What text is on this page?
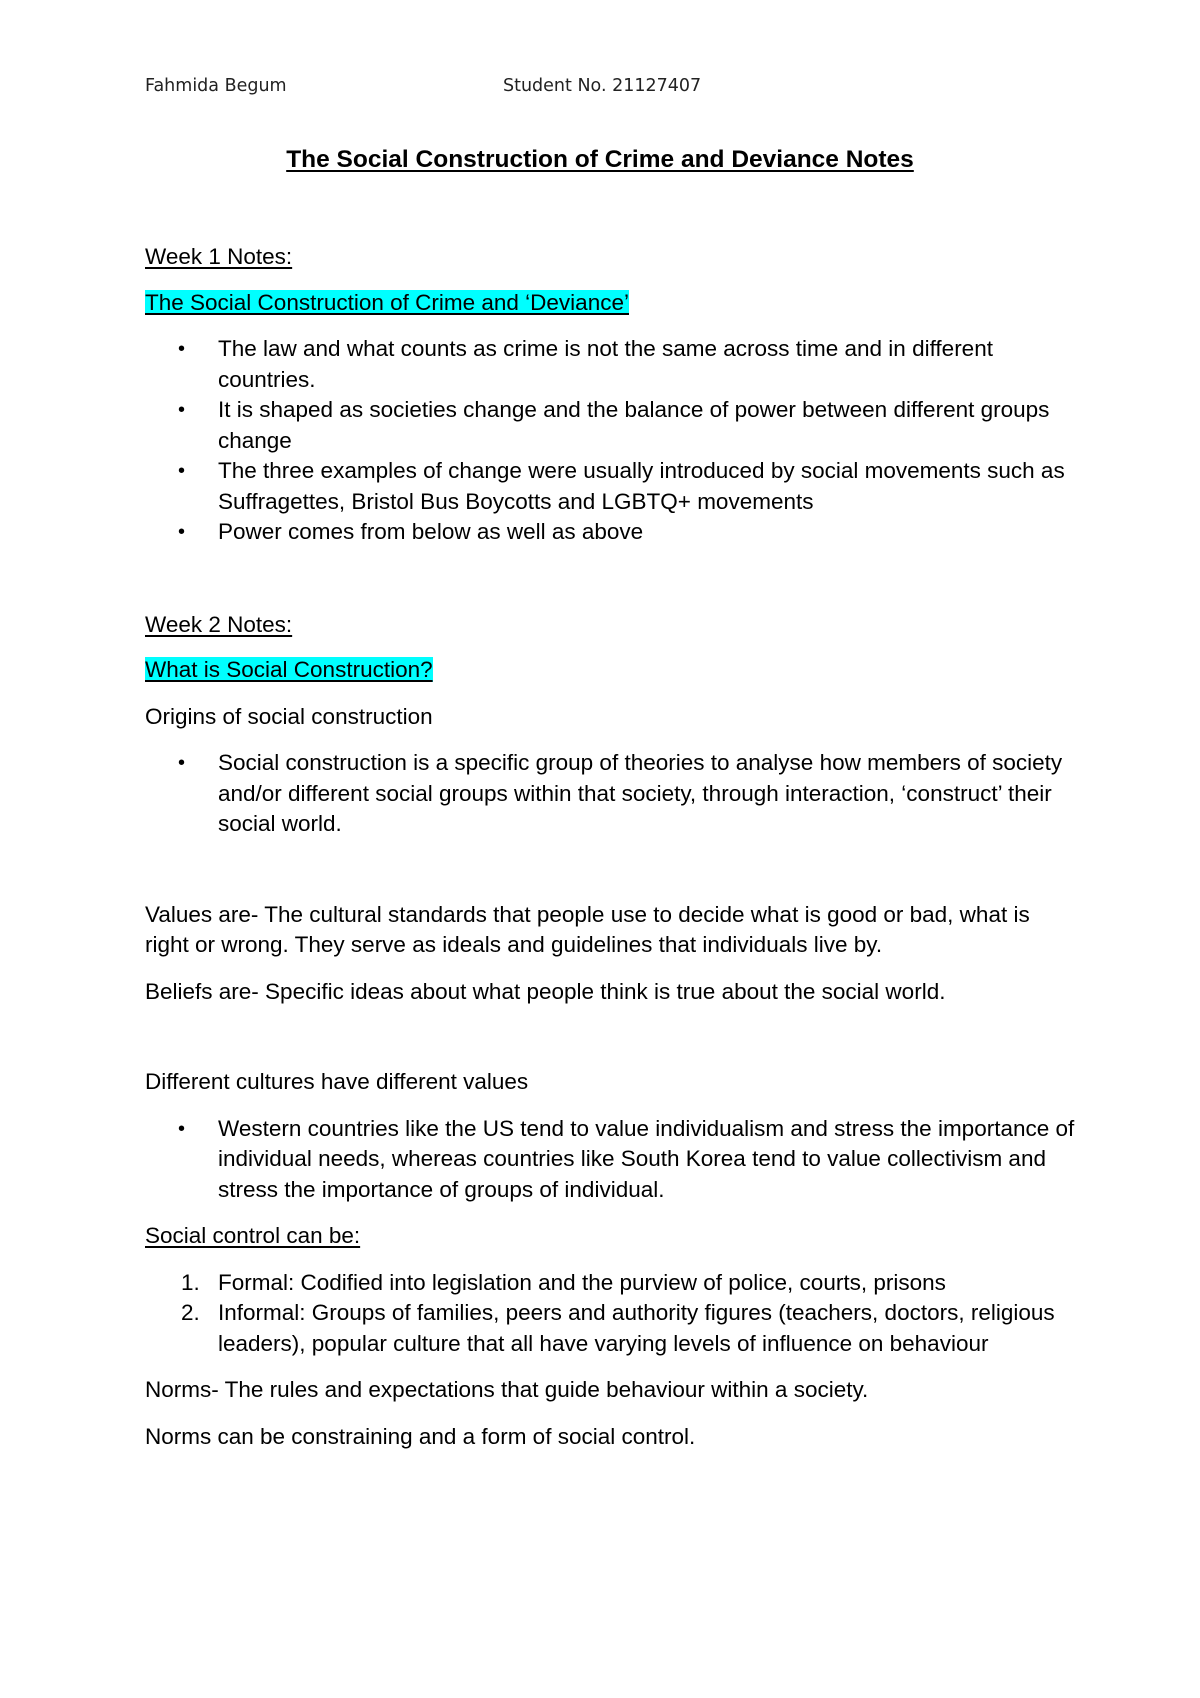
Fahmida Begum	Student No. 21127407
The Social Construction of Crime and Deviance Notes

Week 1 Notes:

The Social Construction of Crime and ‘Deviance’

• The law and what counts as crime is not the same across time and in different countries.
• It is shaped as societies change and the balance of power between different groups change
• The three examples of change were usually introduced by social movements such as Suffragettes, Bristol Bus Boycotts and LGBTQ+ movements
• Power comes from below as well as above

Week 2 Notes:

What is Social Construction?

Origins of social construction

• Social construction is a specific group of theories to analyse how members of society and/or different social groups within that society, through interaction, ‘construct’ their social world.

Values are- The cultural standards that people use to decide what is good or bad, what is right or wrong. They serve as ideals and guidelines that individuals live by.

Beliefs are- Specific ideas about what people think is true about the social world.

Different cultures have different values

• Western countries like the US tend to value individualism and stress the importance of individual needs, whereas countries like South Korea tend to value collectivism and stress the importance of groups of individual.

Social control can be:

1. Formal: Codified into legislation and the purview of police, courts, prisons
2. Informal: Groups of families, peers and authority figures (teachers, doctors, religious leaders), popular culture that all have varying levels of influence on behaviour

Norms- The rules and expectations that guide behaviour within a society.

Norms can be constraining and a form of social control.
